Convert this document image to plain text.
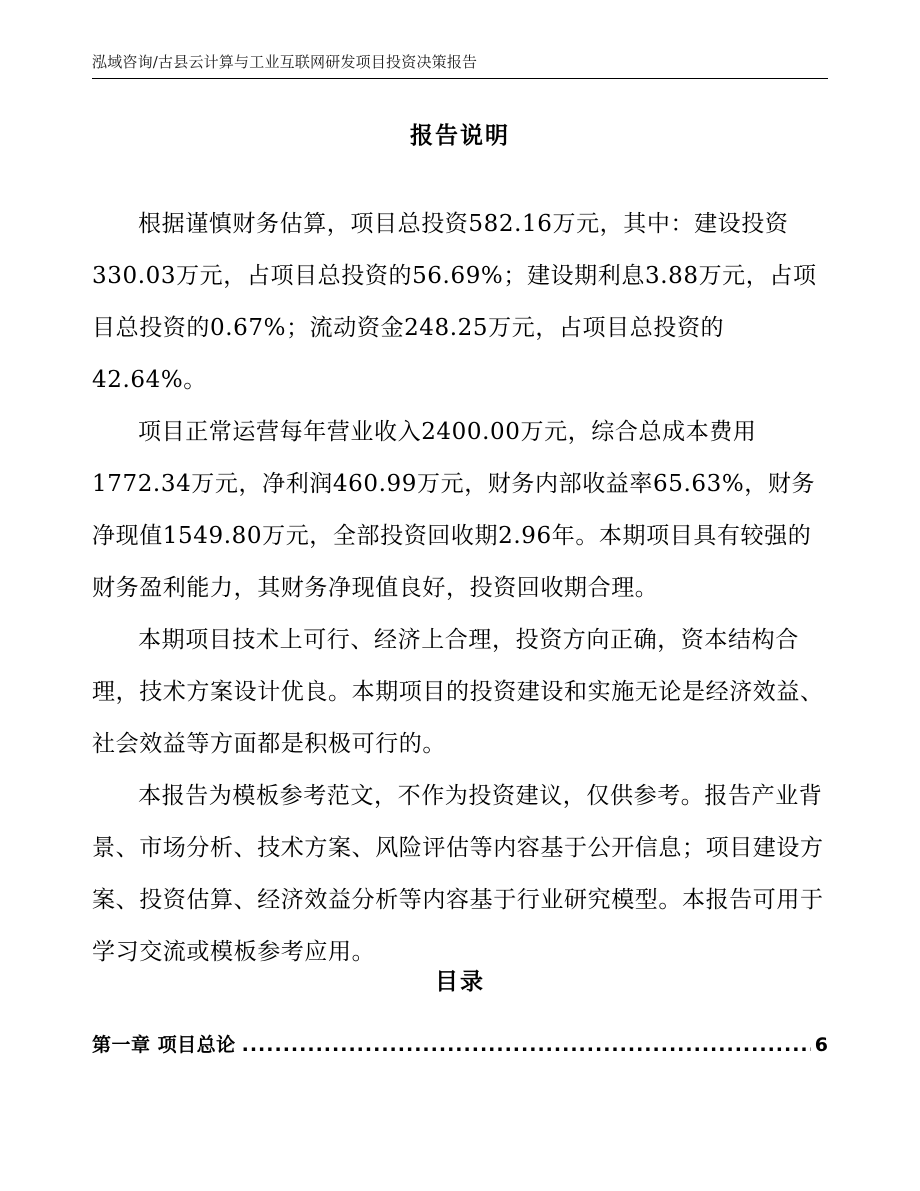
泓域咨询/古县云计算与工业互联网研发项目投资决策报告
报告说明

根据谨慎财务估算，项目总投资582.16万元，其中：建设投资330.03万元，占项目总投资的56.69%；建设期利息3.88万元，占项目总投资的0.67%；流动资金248.25万元，占项目总投资的42.64%。

项目正常运营每年营业收入2400.00万元，综合总成本费用1772.34万元，净利润460.99万元，财务内部收益率65.63%，财务净现值1549.80万元，全部投资回收期2.96年。本期项目具有较强的财务盈利能力，其财务净现值良好，投资回收期合理。

本期项目技术上可行、经济上合理，投资方向正确，资本结构合理，技术方案设计优良。本期项目的投资建设和实施无论是经济效益、社会效益等方面都是积极可行的。

本报告为模板参考范文，不作为投资建议，仅供参考。报告产业背景、市场分析、技术方案、风险评估等内容基于公开信息；项目建设方案、投资估算、经济效益分析等内容基于行业研究模型。本报告可用于学习交流或模板参考应用。

目录
第一章 项目总论
.....	6
